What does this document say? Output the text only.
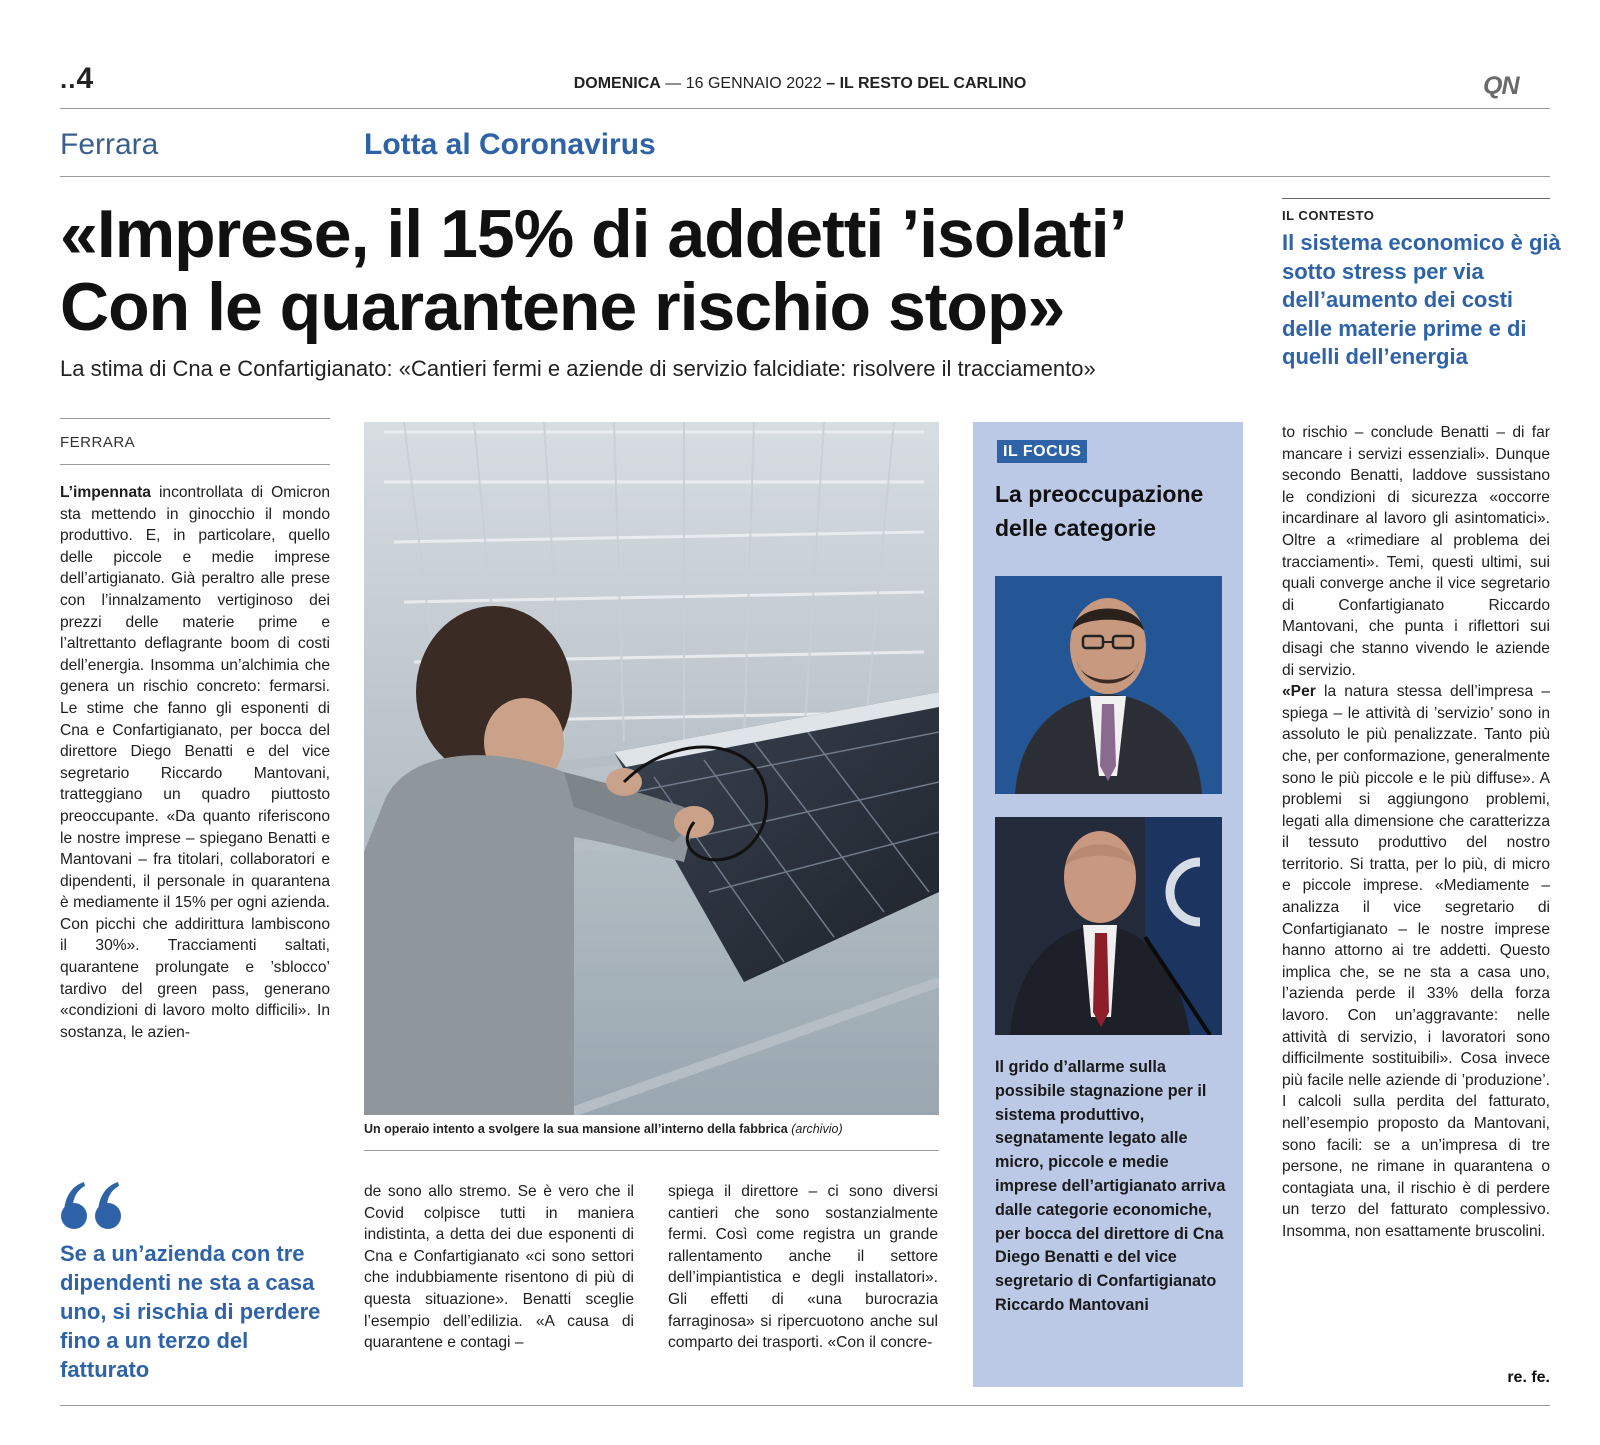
..4	DOMENICA — 16 GENNAIO 2022 – IL RESTO DEL CARLINO	QN
Ferrara	Lotta al Coronavirus
«Imprese, il 15% di addetti ’isolati’
Con le quarantene rischio stop»
La stima di Cna e Confartigianato: «Cantieri fermi e aziende di servizio falcidiate: risolvere il tracciamento»
IL CONTESTO
Il sistema economico è già sotto stress per via dell’aumento dei costi delle materie prime e di quelli dell’energia
FERRARA
L’impennata incontrollata di Omicron sta mettendo in ginocchio il mondo produttivo. E, in particolare, quello delle piccole e medie imprese dell’artigianato. Già peraltro alle prese con l’innalzamento vertiginoso dei prezzi delle materie prime e l’altrettanto deflagrante boom di costi dell’energia. Insomma un’alchimia che genera un rischio concreto: fermarsi. Le stime che fanno gli esponenti di Cna e Confartigianato, per bocca del direttore Diego Benatti e del vice segretario Riccardo Mantovani, tratteggiano un quadro piuttosto preoccupante. «Da quanto riferiscono le nostre imprese – spiegano Benatti e Mantovani – fra titolari, collaboratori e dipendenti, il personale in quarantena è mediamente il 15% per ogni azienda. Con picchi che addirittura lambiscono il 30%». Tracciamenti saltati, quarantene prolungate e ’sblocco’ tardivo del green pass, generano «condizioni di lavoro molto difficili». In sostanza, le azien-
Se a un’azienda con tre dipendenti ne sta a casa uno, si rischia di perdere fino a un terzo del fatturato
Un operaio intento a svolgere la sua mansione all’interno della fabbrica (archivio)
de sono allo stremo. Se è vero che il Covid colpisce tutti in maniera indistinta, a detta dei due esponenti di Cna e Confartigianato «ci sono settori che indubbiamente risentono di più di questa situazione». Benatti sceglie l’esempio dell’edilizia. «A causa di quarantene e contagi –
spiega il direttore – ci sono diversi cantieri che sono sostanzialmente fermi. Così come registra un grande rallentamento anche il settore dell’impiantistica e degli installatori». Gli effetti di «una burocrazia farraginosa» si ripercuotono anche sul comparto dei trasporti. «Con il concre-
IL FOCUS
La preoccupazione delle categorie
Il grido d’allarme sulla possibile stagnazione per il sistema produttivo, segnatamente legato alle micro, piccole e medie imprese dell’artigianato arriva dalle categorie economiche, per bocca del direttore di Cna Diego Benatti e del vice segretario di Confartigianato Riccardo Mantovani
to rischio – conclude Benatti – di far mancare i servizi essenziali». Dunque secondo Benatti, laddove sussistano le condizioni di sicurezza «occorre incardinare al lavoro gli asintomatici». Oltre a «rimediare al problema dei tracciamenti». Temi, questi ultimi, sui quali converge anche il vice segretario di Confartigianato Riccardo Mantovani, che punta i riflettori sui disagi che stanno vivendo le aziende di servizio.
«Per la natura stessa dell’impresa – spiega – le attività di ’servizio’ sono in assoluto le più penalizzate. Tanto più che, per conformazione, generalmente sono le più piccole e le più diffuse». A problemi si aggiungono problemi, legati alla dimensione che caratterizza il tessuto produttivo del nostro territorio. Si tratta, per lo più, di micro e piccole imprese. «Mediamente – analizza il vice segretario di Confartigianato – le nostre imprese hanno attorno ai tre addetti. Questo implica che, se ne sta a casa uno, l’azienda perde il 33% della forza lavoro. Con un’aggravante: nelle attività di servizio, i lavoratori sono difficilmente sostituibili». Cosa invece più facile nelle aziende di ’produzione’. I calcoli sulla perdita del fatturato, nell’esempio proposto da Mantovani, sono facili: se a un’impresa di tre persone, ne rimane in quarantena o contagiata una, il rischio è di perdere un terzo del fatturato complessivo. Insomma, non esattamente bruscolini.
re. fe.
